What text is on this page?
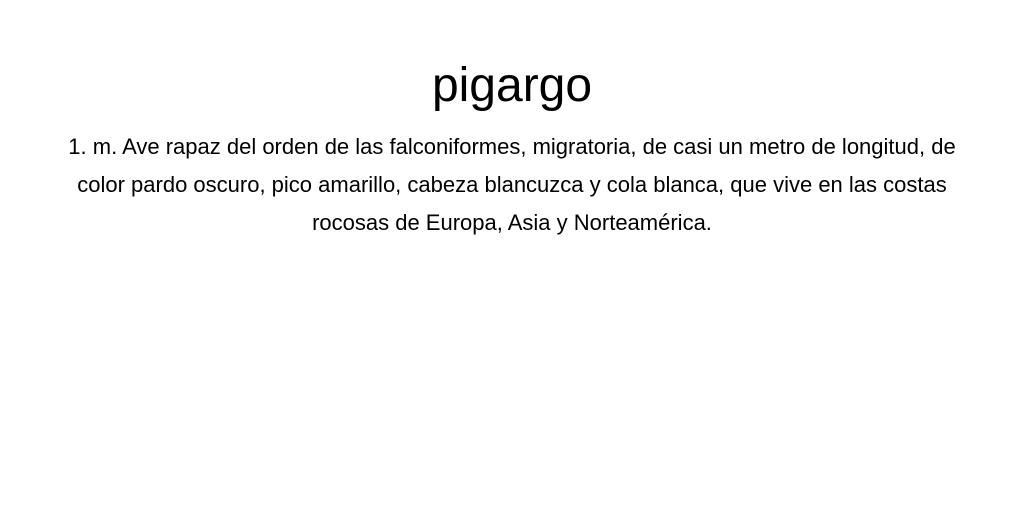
pigargo

1. m. Ave rapaz del orden de las falconiformes, migratoria, de casi un metro de longitud, de color pardo oscuro, pico amarillo, cabeza blancuzca y cola blanca, que vive en las costas rocosas de Europa, Asia y Norteamérica.
